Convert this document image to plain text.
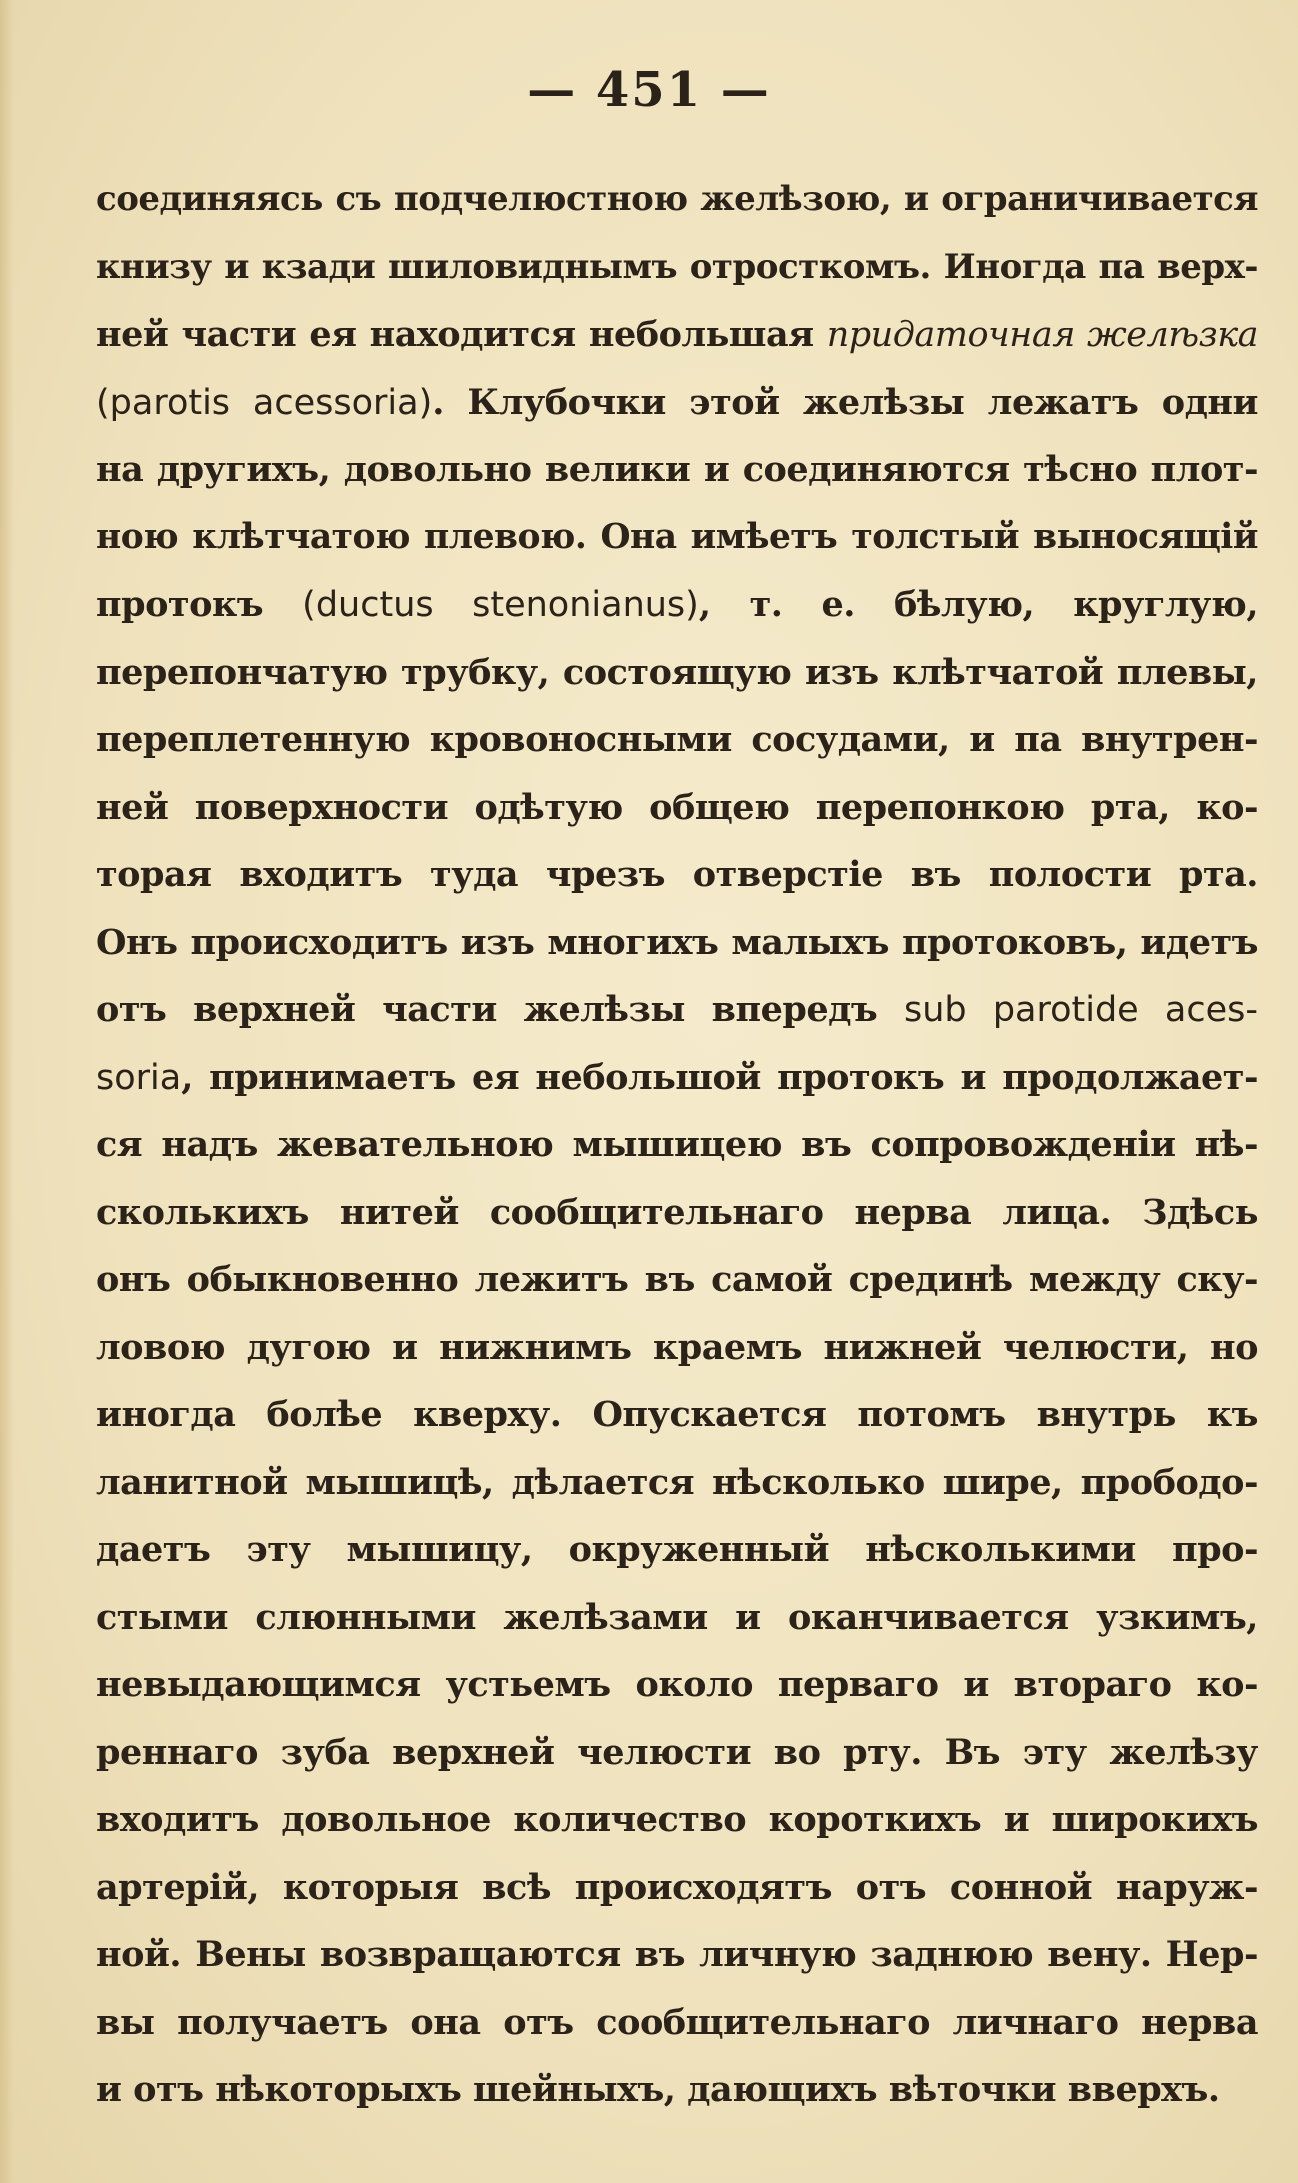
— 451 —
соединяясь съ подчелюстною желѣзою, и ограничивается
книзу и кзади шиловиднымъ отросткомъ. Иногда па верх-
ней части ея находится небольшая придаточная желѣзка
(parotis acessoria). Клубочки этой желѣзы лежатъ одни
на другихъ, довольно велики и соединяются тѣсно плот-
ною клѣтчатою плевою. Она имѣетъ толстый выносящій
протокъ (ductus stenonianus), т. е. бѣлую, круглую,
перепончатую трубку, состоящую изъ клѣтчатой плевы,
переплетенную кровоносными сосудами, и па внутрен-
ней поверхности одѣтую общею перепонкою рта, ко-
торая входитъ туда чрезъ отверстіе въ полости рта.
Онъ происходитъ изъ многихъ малыхъ протоковъ, идетъ
отъ верхней части желѣзы впередъ sub parotide aces-
soria, принимаетъ ея небольшой протокъ и продолжает-
ся надъ жевательною мышицею въ сопровожденіи нѣ-
сколькихъ нитей сообщительнаго нерва лица. Здѣсь
онъ обыкновенно лежитъ въ самой срединѣ между ску-
ловою дугою и нижнимъ краемъ нижней челюсти, но
иногда болѣе кверху. Опускается потомъ внутрь къ
ланитной мышицѣ, дѣлается нѣсколько шире, прободо-
даетъ эту мышицу, окруженный нѣсколькими про-
стыми слюнными желѣзами и оканчивается узкимъ,
невыдающимся устьемъ около перваго и втораго ко-
реннаго зуба верхней челюсти во рту. Въ эту желѣзу
входитъ довольное количество короткихъ и широкихъ
артерій, которыя всѣ происходятъ отъ сонной наруж-
ной. Вены возвращаются въ личную заднюю вену. Нер-
вы получаетъ она отъ сообщительнаго личнаго нерва
и отъ нѣкоторыхъ шейныхъ, дающихъ вѣточки вверхъ.
